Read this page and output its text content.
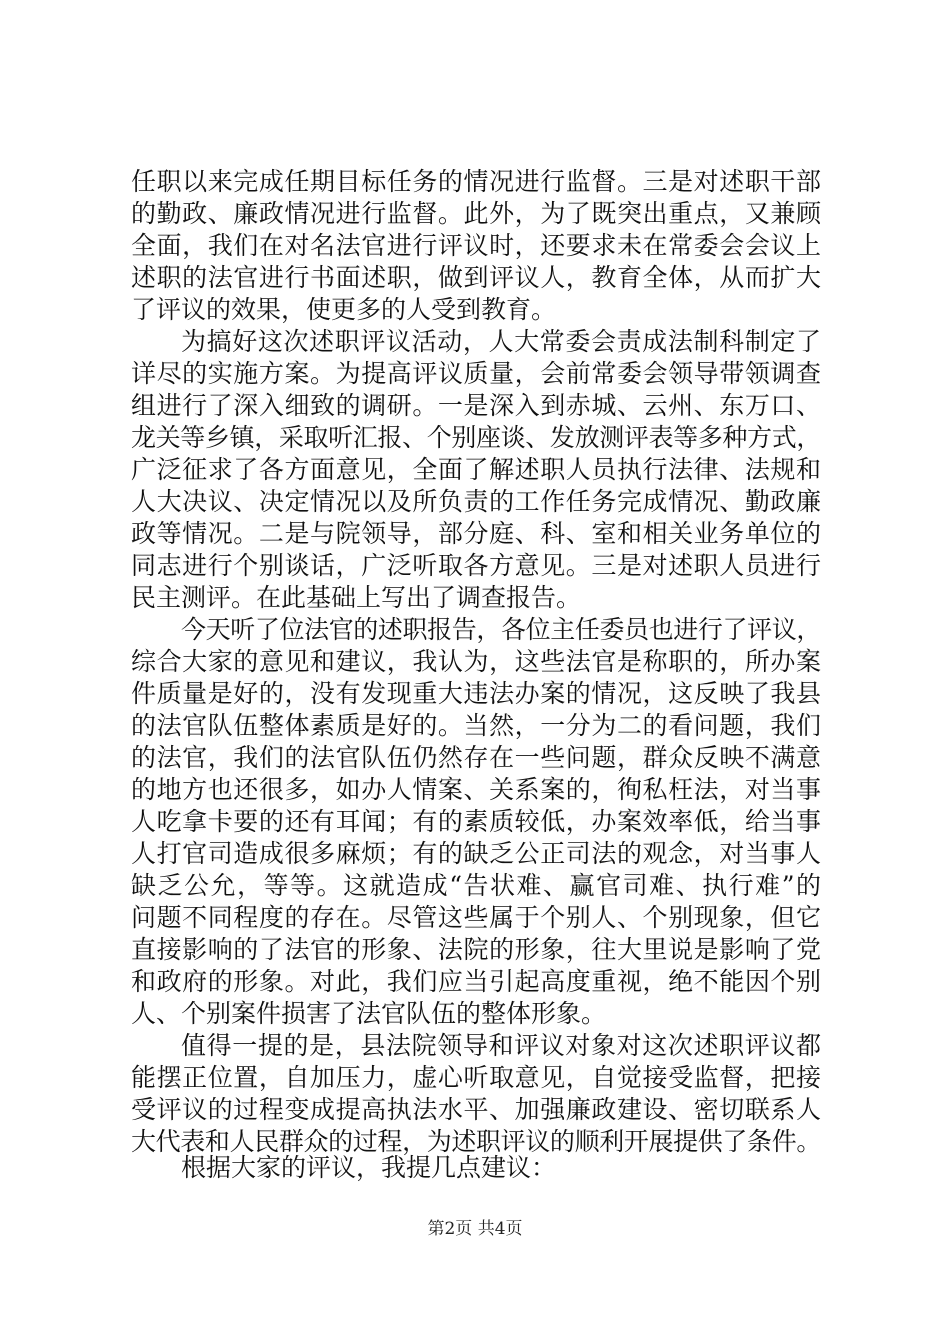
任职以来完成任期目标任务的情况进行监督。三是对述职干部
的勤政、廉政情况进行监督。此外，为了既突出重点，又兼顾
全面，我们在对名法官进行评议时，还要求未在常委会会议上
述职的法官进行书面述职，做到评议人，教育全体，从而扩大
了评议的效果，使更多的人受到教育。
为搞好这次述职评议活动，人大常委会责成法制科制定了
详尽的实施方案。为提高评议质量，会前常委会领导带领调查
组进行了深入细致的调研。一是深入到赤城、云州、东万口、
龙关等乡镇，采取听汇报、个别座谈、发放测评表等多种方式，
广泛征求了各方面意见，全面了解述职人员执行法律、法规和
人大决议、决定情况以及所负责的工作任务完成情况、勤政廉
政等情况。二是与院领导，部分庭、科、室和相关业务单位的
同志进行个别谈话，广泛听取各方意见。三是对述职人员进行
民主测评。在此基础上写出了调查报告。
今天听了位法官的述职报告，各位主任委员也进行了评议，
综合大家的意见和建议，我认为，这些法官是称职的，所办案
件质量是好的，没有发现重大违法办案的情况，这反映了我县
的法官队伍整体素质是好的。当然，一分为二的看问题，我们
的法官，我们的法官队伍仍然存在一些问题，群众反映不满意
的地方也还很多，如办人情案、关系案的，徇私枉法，对当事
人吃拿卡要的还有耳闻；有的素质较低，办案效率低，给当事
人打官司造成很多麻烦；有的缺乏公正司法的观念，对当事人
缺乏公允，等等。这就造成“告状难、赢官司难、执行难”的
问题不同程度的存在。尽管这些属于个别人、个别现象，但它
直接影响的了法官的形象、法院的形象，往大里说是影响了党
和政府的形象。对此，我们应当引起高度重视，绝不能因个别
人、个别案件损害了法官队伍的整体形象。
值得一提的是，县法院领导和评议对象对这次述职评议都
能摆正位置，自加压力，虚心听取意见，自觉接受监督，把接
受评议的过程变成提高执法水平、加强廉政建设、密切联系人
大代表和人民群众的过程，为述职评议的顺利开展提供了条件。
根据大家的评议，我提几点建议：
第2页 共4页
